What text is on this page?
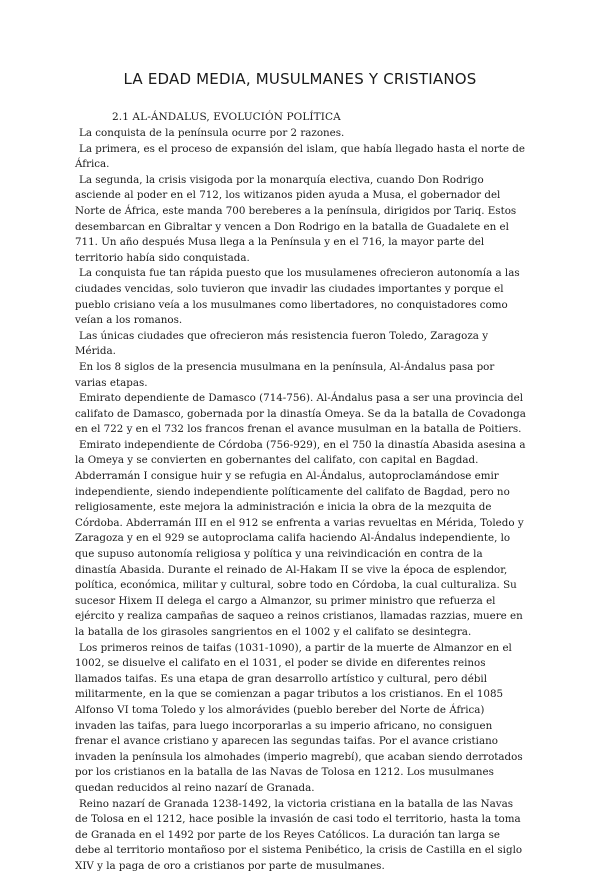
LA EDAD MEDIA, MUSULMANES Y CRISTIANOS
2.1 AL-ÁNDALUS, EVOLUCIÓN POLÍTICA

La conquista de la península ocurre por 2 razones.

La primera, es el proceso de expansión del islam, que había llegado hasta el norte de África.

La segunda, la crisis visigoda por la monarquía electiva, cuando Don Rodrigo asciende al poder en el 712, los witizanos piden ayuda a Musa, el gobernador del Norte de África, este manda 700 bereberes a la península, dirigidos por Tariq. Estos desembarcan en Gibraltar y vencen a Don Rodrigo en la batalla de Guadalete en el 711. Un año después Musa llega a la Península y en el 716, la mayor parte del territorio había sido conquistada.

La conquista fue tan rápida puesto que los musulamenes ofrecieron autonomía a las ciudades vencidas, solo tuvieron que invadir las ciudades importantes y porque el pueblo crisiano veía a los musulmanes como libertadores, no conquistadores como veían a los romanos.

Las únicas ciudades que ofrecieron más resistencia fueron Toledo, Zaragoza y Mérida.

En los 8 siglos de la presencia musulmana en la península, Al-Ándalus pasa por varias etapas.

Emirato dependiente de Damasco (714-756). Al-Ándalus pasa a ser una provincia del califato de Damasco, gobernada por la dinastía Omeya. Se da la batalla de Covadonga en el 722 y en el 732 los francos frenan el avance musulman en la batalla de Poitiers.

Emirato independiente de Córdoba (756-929), en el 750 la dinastía Abasida asesina a la Omeya y se convierten en gobernantes del califato, con capital en Bagdad. Abderramán I consigue huir y se refugia en Al-Ándalus, autoproclamándose emir independiente, siendo independiente políticamente del califato de Bagdad, pero no religiosamente, este mejora la administración e inicia la obra de la mezquita de Córdoba. Abderramán III en el 912 se enfrenta a varias revueltas en Mérida, Toledo y Zaragoza y en el 929 se autoproclama califa haciendo Al-Ándalus independiente, lo que supuso autonomía religiosa y política y una reivindicación en contra de la dinastía Abasida. Durante el reinado de Al-Hakam II se vive la época de esplendor, política, económica, militar y cultural, sobre todo en Córdoba, la cual culturaliza. Su sucesor Hixem II delega el cargo a Almanzor, su primer ministro que refuerza el ejército y realiza campañas de saqueo a reinos cristianos, llamadas razzias, muere en la batalla de los girasoles sangrientos en el 1002 y el califato se desintegra.

Los primeros reinos de taifas (1031-1090), a partir de la muerte de Almanzor en el 1002, se disuelve el califato en el 1031, el poder se divide en diferentes reinos llamados taifas. Es una etapa de gran desarrollo artístico y cultural, pero débil militarmente, en la que se comienzan a pagar tributos a los cristianos. En el 1085 Alfonso VI toma Toledo y los almorávides (pueblo bereber del Norte de África) invaden las taifas, para luego incorporarlas a su imperio africano, no consiguen frenar el avance cristiano y aparecen las segundas taifas. Por el avance cristiano invaden la península los almohades (imperio magrebí), que acaban siendo derrotados por los cristianos en la batalla de las Navas de Tolosa en 1212. Los musulmanes quedan reducidos al reino nazarí de Granada.

Reino nazarí de Granada 1238-1492, la victoria cristiana en la batalla de las Navas de Tolosa en el 1212, hace posible la invasión de casi todo el territorio, hasta la toma de Granada en el 1492 por parte de los Reyes Católicos. La duración tan larga se debe al territorio montañoso por el sistema Penibético, la crisis de Castilla en el siglo XIV y la paga de oro a cristianos por parte de musulmanes.
